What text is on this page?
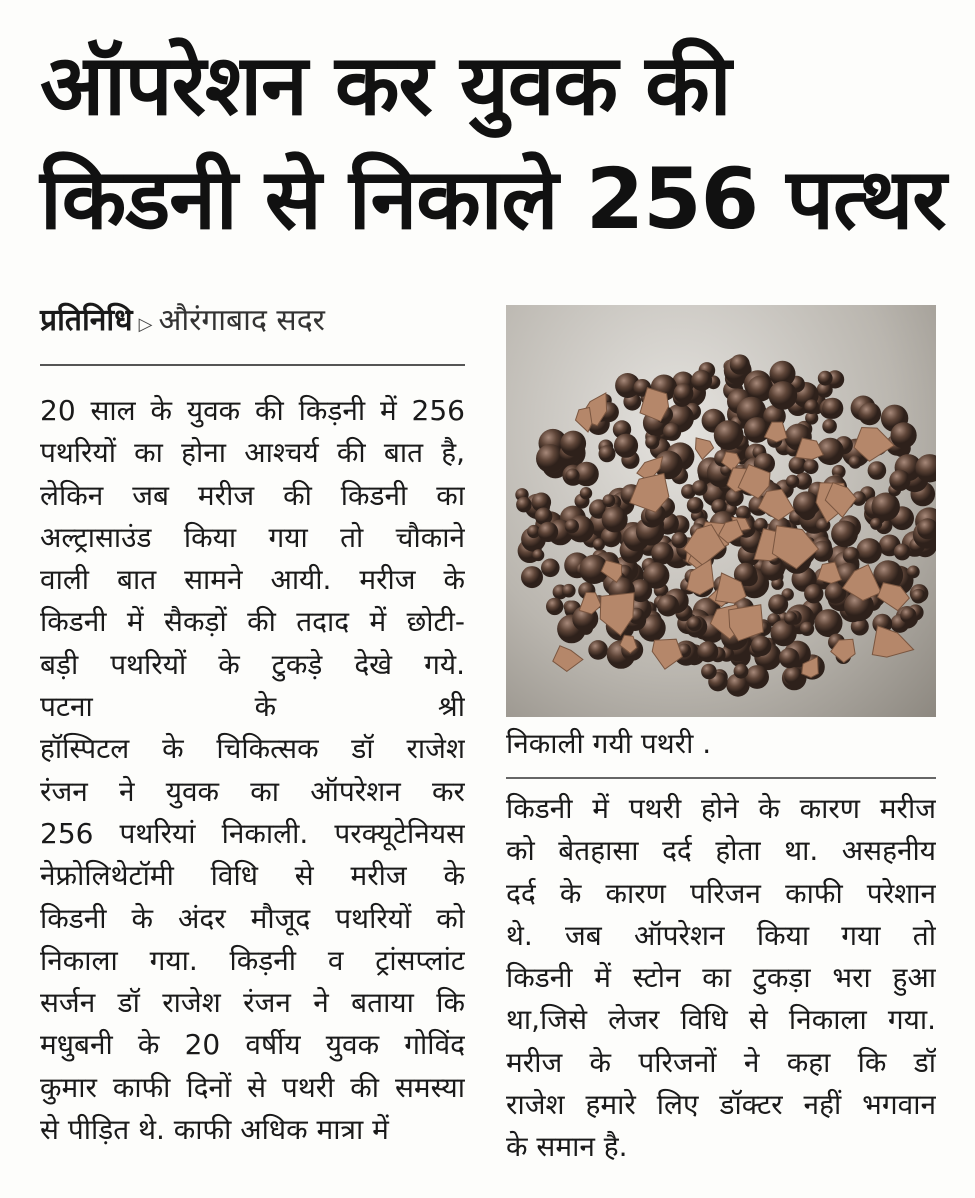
ऑपरेशन कर युवक की
किडनी से निकाले 256 पत्थर
प्रतिनिधि ▷ औरंगाबाद सदर
20 साल के युवक की किड़नी में 256
पथरियों का होना आश्चर्य की बात है,
लेकिन जब मरीज की किडनी का
अल्ट्रासाउंड किया गया तो चौकाने
वाली बात सामने आयी. मरीज के
किडनी में सैकड़ों की तदाद में छोटी-
बड़ी पथरियों के टुकड़े देखे गये.
पटना के श्री
हॉस्पिटल के चिकित्सक डॉ राजेश
रंजन ने युवक का ऑपरेशन कर
256 पथरियां निकाली. परक्यूटेनियस
नेफ्रोलिथेटॉमी विधि से मरीज के
किडनी के अंदर मौजूद पथरियों को
निकाला गया. किड़नी व ट्रांसप्लांट
सर्जन डॉ राजेश रंजन ने बताया कि
मधुबनी के 20 वर्षीय युवक गोविंद
कुमार काफी दिनों से पथरी की समस्या
से पीड़ित थे. काफी अधिक मात्रा में
निकाली गयी पथरी .
किडनी में पथरी होने के कारण मरीज
को बेतहासा दर्द होता था. असहनीय
दर्द के कारण परिजन काफी परेशान
थे. जब ऑपरेशन किया गया तो
किडनी में स्टोन का टुकड़ा भरा हुआ
था,जिसे लेजर विधि से निकाला गया.
मरीज के परिजनों ने कहा कि डॉ
राजेश हमारे लिए डॉक्टर नहीं भगवान
के समान है.
